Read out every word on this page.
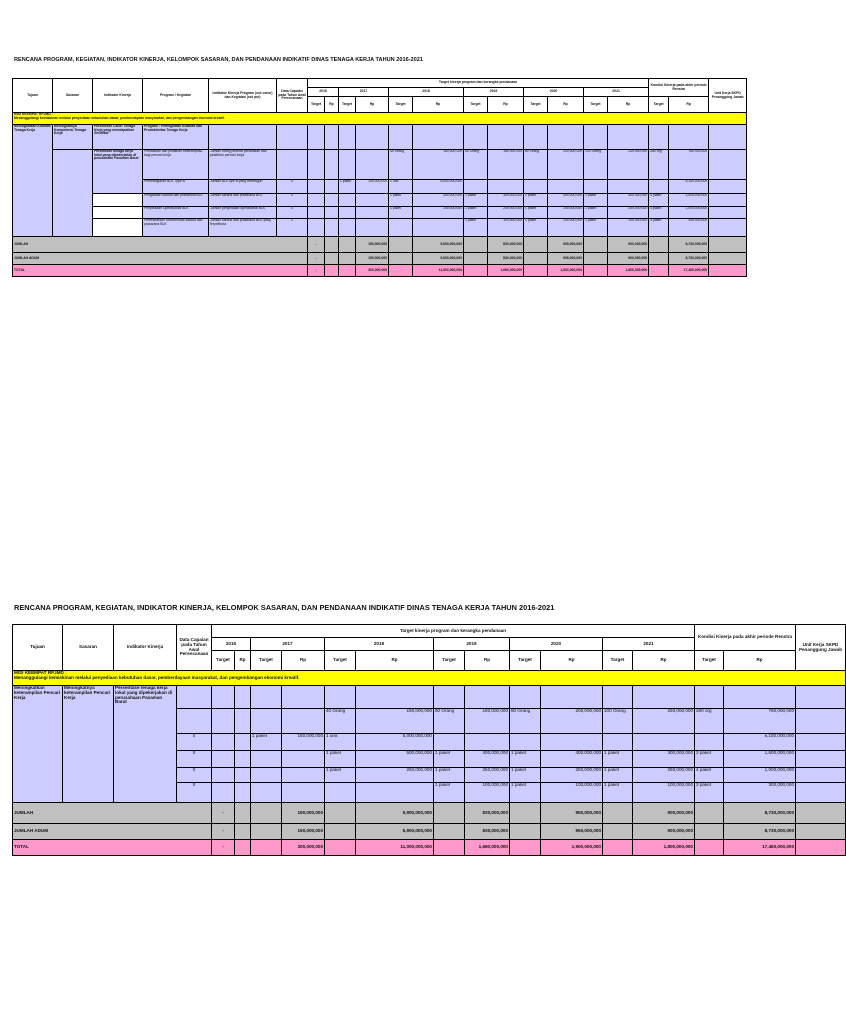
RENCANA PROGRAM, KEGIATAN, INDIKATOR KINERJA, KELOMPOK SASARAN, DAN PENDANAAN INDIKATIF DINAS TENAGA KERJA TAHUN 2016-2021
Tujuan	Sasaran	Indikator Kinerja	Program / Kegiatan	Indikator Kinerja Program (out come) dan Kegiatan (out put)	Data Capaian pada Tahun Awal Perencanaan	Target kinerja program dan kerangka pendanaan												Kondisi Kinerja pada akhir periode Renstra		Unit Kerja SKPD Penanggung Jawab
						2016		2017		2018		2019		2020		2021				
						Target	Rp	Target	Rp	Target	Rp	Target	Rp	Target	Rp	Target	Rp	Target	Rp	

MISI KEEMPAT RPJMD :
Menanggulangi kemiskinan melalui penyediaan kebutuhan dasar, pemberdayaan masyarakat, dan pengembangan ekonomi kreatif.																				

Meningkatkan Kualitas Tenaga Kerja	Meningkatnya Kompetensi Tenaga Kerja	Persentase Calon Tenaga Kerja yang mendapatkan Sertifikat	Program : Peningkatan Kualitas dan Produktivitas Tenaga Kerja																	
		Persentase tenaga kerja lokal yang dipekerjakan di perusahaan Pasaman Barat	Pendidikan dan pelatihan keterampilan bagi pencari kerja	Jumlah orang peserta pendidikan dan pelatihan pencari kerja						40 Orang	180,000,000	60 Orang	180,000,000	80 Orang	200,000,000	100 Orang	250,000,000	280 org	780,000,000	
			Pembangunan BLK Type B	Jumlah BLK tipe B yang terbangun	0			1 paket	150,000,000	1 unit	5,000,000,000								5,150,000,000	
			Pengadaan sarana dan prasarana BLK	Jumlah sarana dan prasarana BLK	0					1 paket	300,000,000	1 paket	300,000,000	1 paket	400,000,000	1 paket	300,000,000	4 paket	1,000,000,000	
			Penyediaan Operasional BLK	Jumlah penyediaan operasional BLK	0					1 paket	250,000,000	1 paket	250,000,000	1 paket	250,000,000	1 paket	250,000,000	4 paket	1,000,000,000	
			Pemeliharaan rutin/berkala sarana dan prasarana BLK	Jumlah sarana dan prasarana BLK yang terpelihara	0							1 paket	100,000,000	1 paket	100,000,000	1 paket	100,000,000	3 paket	300,000,000	
JUMLAH						-			150,000,000		5,800,000,000		830,000,000		950,000,000		900,000,000		8,730,000,000	
JUMLAH ADUM						-			150,000,000		5,800,000,000		830,000,000		950,000,000		900,000,000		8,730,000,000	
TOTAL						-			300,000,000		11,600,000,000		1,660,000,000		1,900,000,000		1,800,000,000		17,460,000,000	
RENCANA PROGRAM, KEGIATAN, INDIKATOR KINERJA, KELOMPOK SASARAN, DAN PENDANAAN INDIKATIF DINAS TENAGA KERJA TAHUN 2016-2021
Tujuan	Sasaran	Indikator Kinerja	Data Capaian pada Tahun Awal Perencanaan	Target kinerja program dan kerangka pendanaan												Kondisi Kinerja pada akhir periode Renstra		Unit Kerja SKPD Penanggung Jawab
				2016		2017		2018		2019		2020		2021				
				Target	Rp	Target	Rp	Target	Rp	Target	Rp	Target	Rp	Target	Rp	Target	Rp	

MISI KEEMPAT RPJMD :
Menanggulangi kemiskinan melalui penyediaan kebutuhan dasar, pemberdayaan masyarakat, dan pengembangan ekonomi kreatif.																		

Meningkatkan keterampilan Pencari Kerja	Meningkatnya keterampilan Pencari Kerja	Persentase tenaga kerja lokal yang dipekerjakan di perusahaan Pasaman Barat																
								40 Orang	150,000,000	60 Orang	180,000,000	80 Orang	200,000,000	100 Orang	250,000,000	280 org	780,000,000	
			0			1 paket	150,000,000	1 unit	5,000,000,000								5,150,000,000	
			0					1 paket	500,000,000	1 paket	400,000,000	1 paket	400,000,000	1 paket	300,000,000	3 paket	1,600,000,000	
			0					1 paket	250,000,000	1 paket	250,000,000	1 paket	250,000,000	1 paket	250,000,000	4 paket	1,000,000,000	
			0							1 paket	100,000,000	1 paket	100,000,000	1 paket	100,000,000	3 paket	300,000,000	
JUMLAH				-			150,000,000		5,900,000,000		830,000,000		950,000,000		900,000,000		8,730,000,000	
JUMLAH ADUM				-			150,000,000		5,900,000,000		830,000,000		950,000,000		900,000,000		8,730,000,000	
TOTAL				-			300,000,000		11,000,000,000		1,660,000,000		1,900,000,000		1,800,000,000		17,460,000,000	
